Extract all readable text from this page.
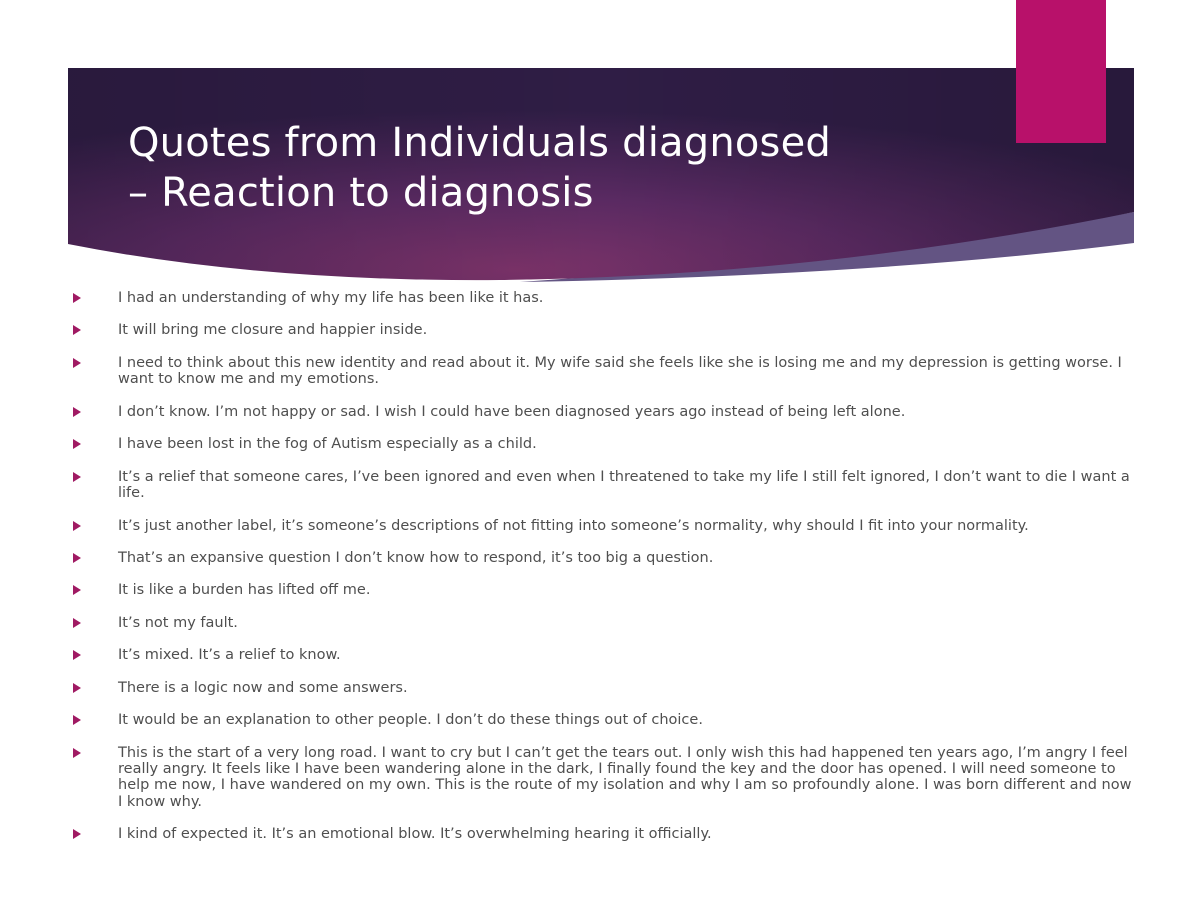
Quotes from Individuals diagnosed
– Reaction to diagnosis
I had an understanding of why my life has been like it has.
It will bring me closure and happier inside.
I need to think about this new identity and read about it. My wife said she feels like she is losing me and my depression is getting worse. I want to know me and my emotions.
I don’t know. I’m not happy or sad. I wish I could have been diagnosed years ago instead of being left alone.
I have been lost in the fog of Autism especially as a child.
It’s a relief that someone cares, I’ve been ignored and even when I threatened to take my life I still felt ignored, I don’t want to die I want a life.
It’s just another label, it’s someone’s descriptions of not fitting into someone’s normality, why should I fit into your normality.
That’s an expansive question I don’t know how to respond, it’s too big a question.
It is like a burden has lifted off me.
It’s not my fault.
It’s mixed. It’s a relief to know.
There is a logic now and some answers.
It would be an explanation to other people. I don’t do these things out of choice.
This is the start of a very long road. I want to cry but I can’t get the tears out. I only wish this had happened ten years ago, I’m angry I feel really angry. It feels like I have been wandering alone in the dark, I finally found the key and the door has opened. I will need someone to help me now, I have wandered on my own. This is the route of my isolation and why I am so profoundly alone. I was born different and now I know why.
I kind of expected it. It’s an emotional blow. It’s overwhelming hearing it officially.
